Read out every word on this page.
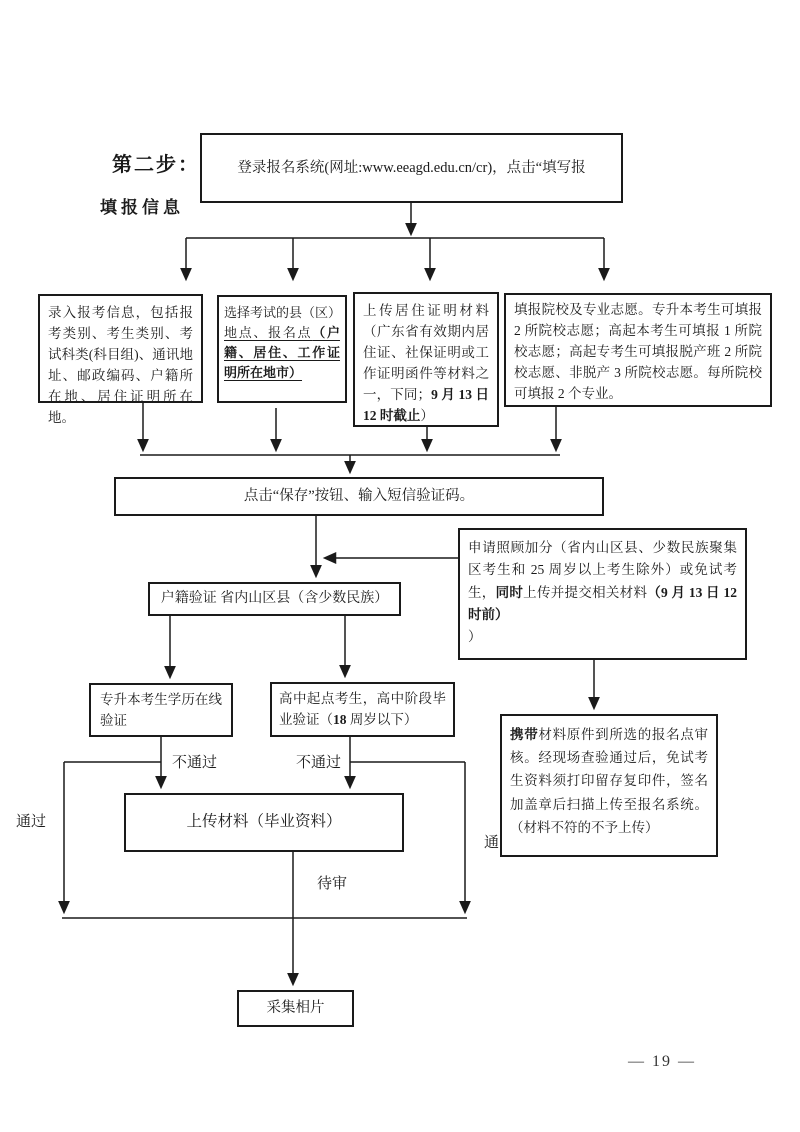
第二步：
填报信息
登录报名系统(网址:www.eeagd.edu.cn/cr)，点击“填写报
录入报考信息，包括报考类别、考生类别、考试科类(科目组)、通讯地址、邮政编码、户籍所在地、居住证明所在地。
选择考试的县（区）地点、报名点（户籍、居住、工作证明所在地市）
上传居住证明材料（广东省有效期内居住证、社保证明或工作证明函件等材料之一，下同；9 月 13 日 12 时截止）
填报院校及专业志愿。专升本考生可填报 2 所院校志愿；高起本考生可填报 1 所院校志愿；高起专考生可填报脱产班 2 所院校志愿、非脱产 3 所院校志愿。每所院校可填报 2 个专业。
点击“保存”按钮、输入短信验证码。
申请照顾加分（省内山区县、少数民族聚集区考生和 25 周岁以上考生除外）或免试考生，同时上传并提交相关材料（9 月 13 日 12 时前）
）
户籍验证 省内山区县（含少数民族）
专升本考生学历在线验证
高中起点考生，高中阶段毕业验证（18 周岁以下）
携带材料原件到所选的报名点审核。经现场查验通过后，免试考生资料须打印留存复印件，签名加盖章后扫描上传至报名系统。（材料不符的不予上传）
上传材料（毕业资料）
采集相片
不通过	不通过
通过
通
待审
— 19 —
